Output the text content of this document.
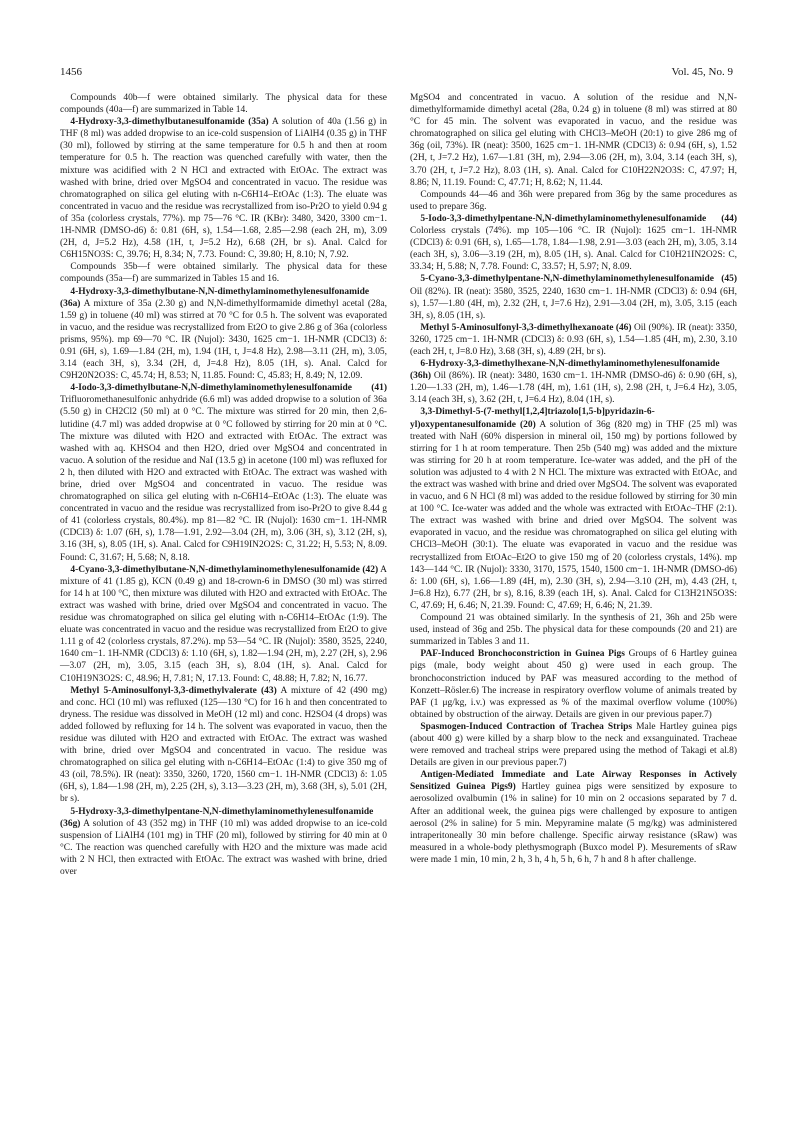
1456	Vol. 45, No. 9

Compounds 40b—f were obtained similarly. The physical data for these compounds (40a—f) are summarized in Table 14.

4-Hydroxy-3,3-dimethylbutanesulfonamide (35a) A solution of 40a (1.56 g) in THF (8 ml) was added dropwise to an ice-cold suspension of LiAlH4 (0.35 g) in THF (30 ml), followed by stirring at the same temperature for 0.5 h and then at room temperature for 0.5 h. The reaction was quenched carefully with water, then the mixture was acidified with 2 N HCl and extracted with EtOAc. The extract was washed with brine, dried over MgSO4 and concentrated in vacuo. The residue was chromatographed on silica gel eluting with n-C6H14–EtOAc (1:3). The eluate was concentrated in vacuo and the residue was recrystallized from iso-Pr2O to yield 0.94 g of 35a (colorless crystals, 77%). mp 75—76 °C. IR (KBr): 3480, 3420, 3300 cm−1. 1H-NMR (DMSO-d6) δ: 0.81 (6H, s), 1.54—1.68, 2.85—2.98 (each 2H, m), 3.09 (2H, d, J=5.2 Hz), 4.58 (1H, t, J=5.2 Hz), 6.68 (2H, br s). Anal. Calcd for C6H15NO3S: C, 39.76; H, 8.34; N, 7.73. Found: C, 39.80; H, 8.10; N, 7.92.

Compounds 35b—f were obtained similarly. The physical data for these compounds (35a—f) are summarized in Tables 15 and 16.

4-Hydroxy-3,3-dimethylbutane-N,N-dimethylaminomethylenesulfonamide (36a) A mixture of 35a (2.30 g) and N,N-dimethylformamide dimethyl acetal (28a, 1.59 g) in toluene (40 ml) was stirred at 70 °C for 0.5 h. The solvent was evaporated in vacuo, and the residue was recrystallized from Et2O to give 2.86 g of 36a (colorless prisms, 95%). mp 69—70 °C. IR (Nujol): 3430, 1625 cm−1. 1H-NMR (CDCl3) δ: 0.91 (6H, s), 1.69—1.84 (2H, m), 1.94 (1H, t, J=4.8 Hz), 2.98—3.11 (2H, m), 3.05, 3.14 (each 3H, s), 3.34 (2H, d, J=4.8 Hz), 8.05 (1H, s). Anal. Calcd for C9H20N2O3S: C, 45.74; H, 8.53; N, 11.85. Found: C, 45.83; H, 8.49; N, 12.09.

4-Iodo-3,3-dimethylbutane-N,N-dimethylaminomethylenesulfonamide (41) Trifluoromethanesulfonic anhydride (6.6 ml) was added dropwise to a solution of 36a (5.50 g) in CH2Cl2 (50 ml) at 0 °C. The mixture was stirred for 20 min, then 2,6-lutidine (4.7 ml) was added dropwise at 0 °C followed by stirring for 20 min at 0 °C. The mixture was diluted with H2O and extracted with EtOAc. The extract was washed with aq. KHSO4 and then H2O, dried over MgSO4 and concentrated in vacuo. A solution of the residue and NaI (13.5 g) in acetone (100 ml) was refluxed for 2 h, then diluted with H2O and extracted with EtOAc. The extract was washed with brine, dried over MgSO4 and concentrated in vacuo. The residue was chromatographed on silica gel eluting with n-C6H14–EtOAc (1:3). The eluate was concentrated in vacuo and the residue was recrystallized from iso-Pr2O to give 8.44 g of 41 (colorless crystals, 80.4%). mp 81—82 °C. IR (Nujol): 1630 cm−1. 1H-NMR (CDCl3) δ: 1.07 (6H, s), 1.78—1.91, 2.92—3.04 (2H, m), 3.06 (3H, s), 3.12 (2H, s), 3.16 (3H, s), 8.05 (1H, s). Anal. Calcd for C9H19IN2O2S: C, 31.22; H, 5.53; N, 8.09. Found: C, 31.67; H, 5.68; N, 8.18.

4-Cyano-3,3-dimethylbutane-N,N-dimethylaminomethylenesulfonamide (42) A mixture of 41 (1.85 g), KCN (0.49 g) and 18-crown-6 in DMSO (30 ml) was stirred for 14 h at 100 °C, then mixture was diluted with H2O and extracted with EtOAc. The extract was washed with brine, dried over MgSO4 and concentrated in vacuo. The residue was chromatographed on silica gel eluting with n-C6H14–EtOAc (1:9). The eluate was concentrated in vacuo and the residue was recrystallized from Et2O to give 1.11 g of 42 (colorless crystals, 87.2%). mp 53—54 °C. IR (Nujol): 3580, 3525, 2240, 1640 cm−1. 1H-NMR (CDCl3) δ: 1.10 (6H, s), 1.82—1.94 (2H, m), 2.27 (2H, s), 2.96—3.07 (2H, m), 3.05, 3.15 (each 3H, s), 8.04 (1H, s). Anal. Calcd for C10H19N3O2S: C, 48.96; H, 7.81; N, 17.13. Found: C, 48.88; H, 7.82; N, 16.77.

Methyl 5-Aminosulfonyl-3,3-dimethylvalerate (43) A mixture of 42 (490 mg) and conc. HCl (10 ml) was refluxed (125—130 °C) for 16 h and then concentrated to dryness. The residue was dissolved in MeOH (12 ml) and conc. H2SO4 (4 drops) was added followed by refluxing for 14 h. The solvent was evaporated in vacuo, then the residue was diluted with H2O and extracted with EtOAc. The extract was washed with brine, dried over MgSO4 and concentrated in vacuo. The residue was chromatographed on silica gel eluting with n-C6H14–EtOAc (1:4) to give 350 mg of 43 (oil, 78.5%). IR (neat): 3350, 3260, 1720, 1560 cm−1. 1H-NMR (CDCl3) δ: 1.05 (6H, s), 1.84—1.98 (2H, m), 2.25 (2H, s), 3.13—3.23 (2H, m), 3.68 (3H, s), 5.01 (2H, br s).

5-Hydroxy-3,3-dimethylpentane-N,N-dimethylaminomethylenesulfonamide (36g) A solution of 43 (352 mg) in THF (10 ml) was added dropwise to an ice-cold suspension of LiAlH4 (101 mg) in THF (20 ml), followed by stirring for 40 min at 0 °C. The reaction was quenched carefully with H2O and the mixture was made acid with 2 N HCl, then extracted with EtOAc. The extract was washed with brine, dried over

MgSO4 and concentrated in vacuo. A solution of the residue and N,N-dimethylformamide dimethyl acetal (28a, 0.24 g) in toluene (8 ml) was stirred at 80 °C for 45 min. The solvent was evaporated in vacuo, and the residue was chromatographed on silica gel eluting with CHCl3–MeOH (20:1) to give 286 mg of 36g (oil, 73%). IR (neat): 3500, 1625 cm−1. 1H-NMR (CDCl3) δ: 0.94 (6H, s), 1.52 (2H, t, J=7.2 Hz), 1.67—1.81 (3H, m), 2.94—3.06 (2H, m), 3.04, 3.14 (each 3H, s), 3.70 (2H, t, J=7.2 Hz), 8.03 (1H, s). Anal. Calcd for C10H22N2O3S: C, 47.97; H, 8.86; N, 11.19. Found: C, 47.71; H, 8.62; N, 11.44.

Compounds 44—46 and 36h were prepared from 36g by the same procedures as used to prepare 36g.

5-Iodo-3,3-dimethylpentane-N,N-dimethylaminomethylenesulfonamide (44) Colorless crystals (74%). mp 105—106 °C. IR (Nujol): 1625 cm−1. 1H-NMR (CDCl3) δ: 0.91 (6H, s), 1.65—1.78, 1.84—1.98, 2.91—3.03 (each 2H, m), 3.05, 3.14 (each 3H, s), 3.06—3.19 (2H, m), 8.05 (1H, s). Anal. Calcd for C10H21IN2O2S: C, 33.34; H, 5.88; N, 7.78. Found: C, 33.57; H, 5.97; N, 8.09.

5-Cyano-3,3-dimethylpentane-N,N-dimethylaminomethylenesulfonamide (45) Oil (82%). IR (neat): 3580, 3525, 2240, 1630 cm−1. 1H-NMR (CDCl3) δ: 0.94 (6H, s), 1.57—1.80 (4H, m), 2.32 (2H, t, J=7.6 Hz), 2.91—3.04 (2H, m), 3.05, 3.15 (each 3H, s), 8.05 (1H, s).

Methyl 5-Aminosulfonyl-3,3-dimethylhexanoate (46) Oil (90%). IR (neat): 3350, 3260, 1725 cm−1. 1H-NMR (CDCl3) δ: 0.93 (6H, s), 1.54—1.85 (4H, m), 2.30, 3.10 (each 2H, t, J=8.0 Hz), 3.68 (3H, s), 4.89 (2H, br s).

6-Hydroxy-3,3-dimethylhexane-N,N-dimethylaminomethylenesulfonamide (36h) Oil (86%). IR (neat): 3480, 1630 cm−1. 1H-NMR (DMSO-d6) δ: 0.90 (6H, s), 1.20—1.33 (2H, m), 1.46—1.78 (4H, m), 1.61 (1H, s), 2.98 (2H, t, J=6.4 Hz), 3.05, 3.14 (each 3H, s), 3.62 (2H, t, J=6.4 Hz), 8.04 (1H, s).

3,3-Dimethyl-5-(7-methyl[1,2,4]triazolo[1,5-b]pyridazin-6-yl)oxypentanesulfonamide (20) A solution of 36g (820 mg) in THF (25 ml) was treated with NaH (60% dispersion in mineral oil, 150 mg) by portions followed by stirring for 1 h at room temperature. Then 25b (540 mg) was added and the mixture was stirring for 20 h at room temperature. Ice-water was added, and the pH of the solution was adjusted to 4 with 2 N HCl. The mixture was extracted with EtOAc, and the extract was washed with brine and dried over MgSO4. The solvent was evaporated in vacuo, and 6 N HCl (8 ml) was added to the residue followed by stirring for 30 min at 100 °C. Ice-water was added and the whole was extracted with EtOAc–THF (2:1). The extract was washed with brine and dried over MgSO4. The solvent was evaporated in vacuo, and the residue was chromatographed on silica gel eluting with CHCl3–MeOH (30:1). The eluate was evaporated in vacuo and the residue was recrystallized from EtOAc–Et2O to give 150 mg of 20 (colorless crystals, 14%). mp 143—144 °C. IR (Nujol): 3330, 3170, 1575, 1540, 1500 cm−1. 1H-NMR (DMSO-d6) δ: 1.00 (6H, s), 1.66—1.89 (4H, m), 2.30 (3H, s), 2.94—3.10 (2H, m), 4.43 (2H, t, J=6.8 Hz), 6.77 (2H, br s), 8.16, 8.39 (each 1H, s). Anal. Calcd for C13H21N5O3S: C, 47.69; H, 6.46; N, 21.39. Found: C, 47.69; H, 6.46; N, 21.39.

Compound 21 was obtained similarly. In the synthesis of 21, 36h and 25b were used, instead of 36g and 25b. The physical data for these compounds (20 and 21) are summarized in Tables 3 and 11.

PAF-Induced Bronchoconstriction in Guinea Pigs Groups of 6 Hartley guinea pigs (male, body weight about 450 g) were used in each group. The bronchoconstriction induced by PAF was measured according to the method of Konzett–Rösler.6) The increase in respiratory overflow volume of animals treated by PAF (1 μg/kg, i.v.) was expressed as % of the maximal overflow volume (100%) obtained by obstruction of the airway. Details are given in our previous paper.7)

Spasmogen-Induced Contraction of Trachea Strips Male Hartley guinea pigs (about 400 g) were killed by a sharp blow to the neck and exsanguinated. Tracheae were removed and tracheal strips were prepared using the method of Takagi et al.8) Details are given in our previous paper.7)

Antigen-Mediated Immediate and Late Airway Responses in Actively Sensitized Guinea Pigs9) Hartley guinea pigs were sensitized by exposure to aerosolized ovalbumin (1% in saline) for 10 min on 2 occasions separated by 7 d. After an additional week, the guinea pigs were challenged by exposure to antigen aerosol (2% in saline) for 5 min. Mepyramine malate (5 mg/kg) was administered intraperitoneally 30 min before challenge. Specific airway resistance (sRaw) was measured in a whole-body plethysmograph (Buxco model P). Mesurements of sRaw were made 1 min, 10 min, 2 h, 3 h, 4 h, 5 h, 6 h, 7 h and 8 h after challenge.
